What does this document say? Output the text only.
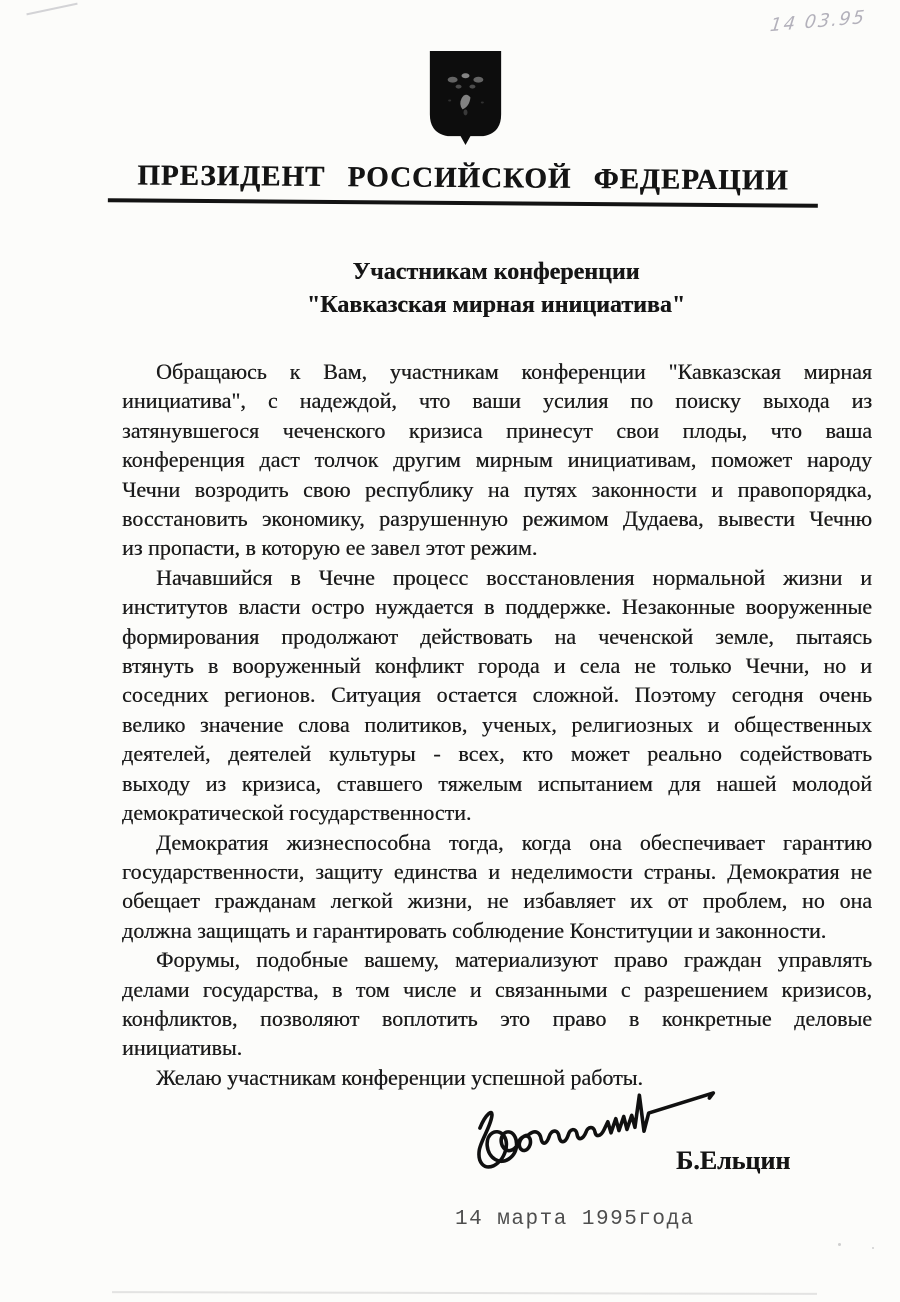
14 03.95
ПРЕЗИДЕНТ РОССИЙСКОЙ ФЕДЕРАЦИИ
Участникам конференции
"Кавказская мирная инициатива"
Обращаюсь к Вам, участникам конференции "Кавказская мирная
инициатива", с надеждой, что ваши усилия по поиску выхода из
затянувшегося чеченского кризиса принесут свои плоды, что ваша
конференция даст толчок другим мирным инициативам, поможет народу
Чечни возродить свою республику на путях законности и правопорядка,
восстановить экономику, разрушенную режимом Дудаева, вывести Чечню
из пропасти, в которую ее завел этот режим.
Начавшийся в Чечне процесс восстановления нормальной жизни и
институтов власти остро нуждается в поддержке. Незаконные вооруженные
формирования продолжают действовать на чеченской земле, пытаясь
втянуть в вооруженный конфликт города и села не только Чечни, но и
соседних регионов. Ситуация остается сложной. Поэтому сегодня очень
велико значение слова политиков, ученых, религиозных и общественных
деятелей, деятелей культуры - всех, кто может реально содействовать
выходу из кризиса, ставшего тяжелым испытанием для нашей молодой
демократической государственности.
Демократия жизнеспособна тогда, когда она обеспечивает гарантию
государственности, защиту единства и неделимости страны. Демократия не
обещает гражданам легкой жизни, не избавляет их от проблем, но она
должна защищать и гарантировать соблюдение Конституции и законности.
Форумы, подобные вашему, материализуют право граждан управлять
делами государства, в том числе и связанными с разрешением кризисов,
конфликтов, позволяют воплотить это право в конкретные деловые
инициативы.
Желаю участникам конференции успешной работы.
Б.Ельцин
14 марта 1995года
